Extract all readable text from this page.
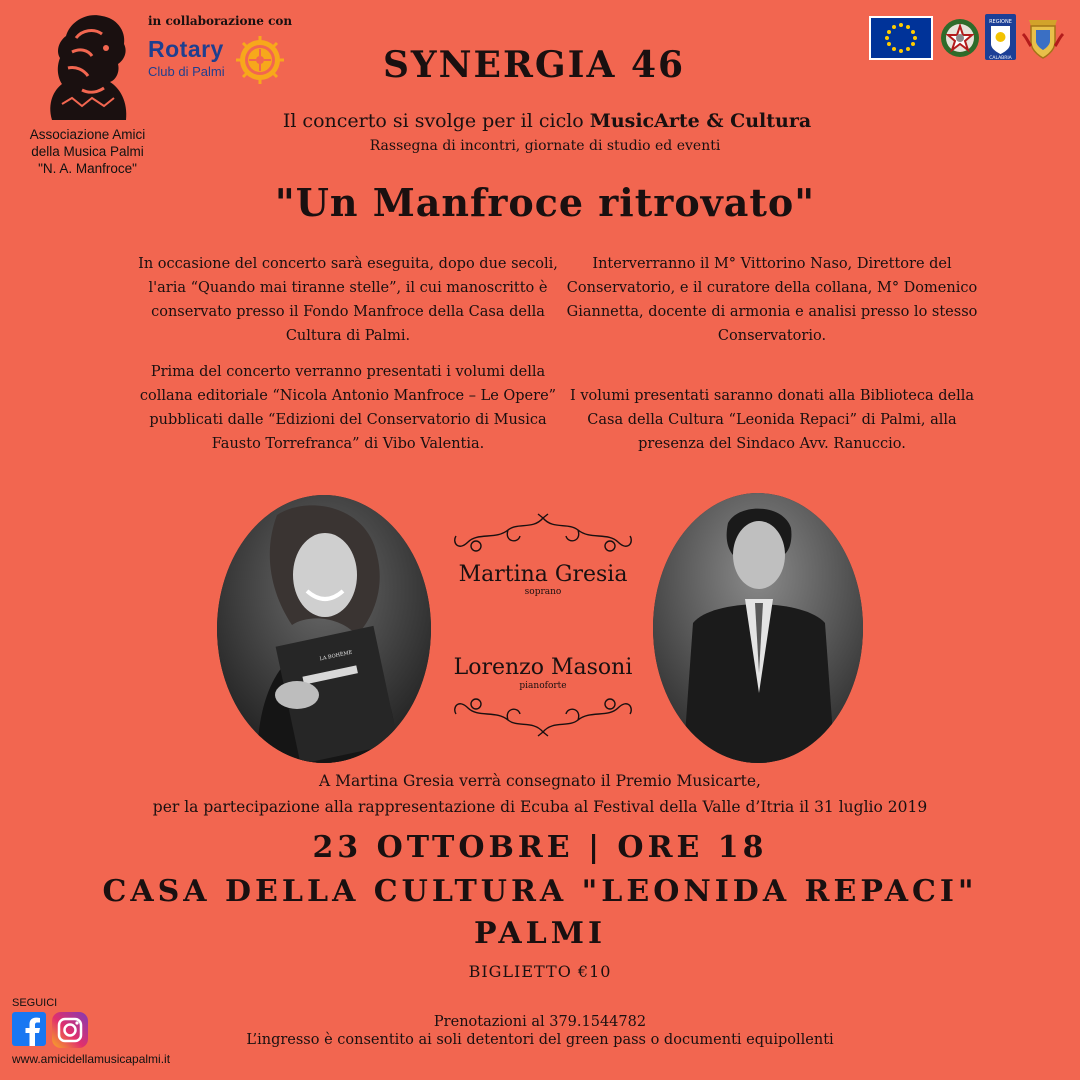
Associazione Amici
della Musica Palmi
"N. A. Manfroce"
in collaborazione con
Rotary
Club di Palmi
REGIONE
CALABRIA
SYNERGIA 46
Il concerto si svolge per il ciclo MusicArte & Cultura
Rassegna di incontri, giornate di studio ed eventi
"Un Manfroce ritrovato"
In occasione del concerto sarà eseguita, dopo due secoli, l'aria “Quando mai tiranne stelle”, il cui manoscritto è conservato presso il Fondo Manfroce della Casa della Cultura di Palmi.
Prima del concerto verranno presentati i volumi della collana editoriale “Nicola Antonio Manfroce – Le Opere” pubblicati dalle “Edizioni del Conservatorio di Musica Fausto Torrefranca” di Vibo Valentia.
Interverranno il M° Vittorino Naso, Direttore del Conservatorio, e il curatore della collana, M° Domenico Giannetta, docente di armonia e analisi presso lo stesso Conservatorio.
I volumi presentati saranno donati alla Biblioteca della Casa della Cultura “Leonida Repaci” di Palmi, alla presenza del Sindaco Avv. Ranuccio.
LA BOHÈME
Martina Gresia
soprano
Lorenzo Masoni
pianoforte
A Martina Gresia verrà consegnato il Premio Musicarte,
per la partecipazione alla rappresentazione di Ecuba al Festival della Valle d’Itria il 31 luglio 2019
23 OTTOBRE | ORE 18
CASA DELLA CULTURA "LEONIDA REPACI"
PALMI
BIGLIETTO €10
SEGUICI
www.amicidellamusicapalmi.it
Prenotazioni al 379.1544782
L’ingresso è consentito ai soli detentori del green pass o documenti equipollenti
